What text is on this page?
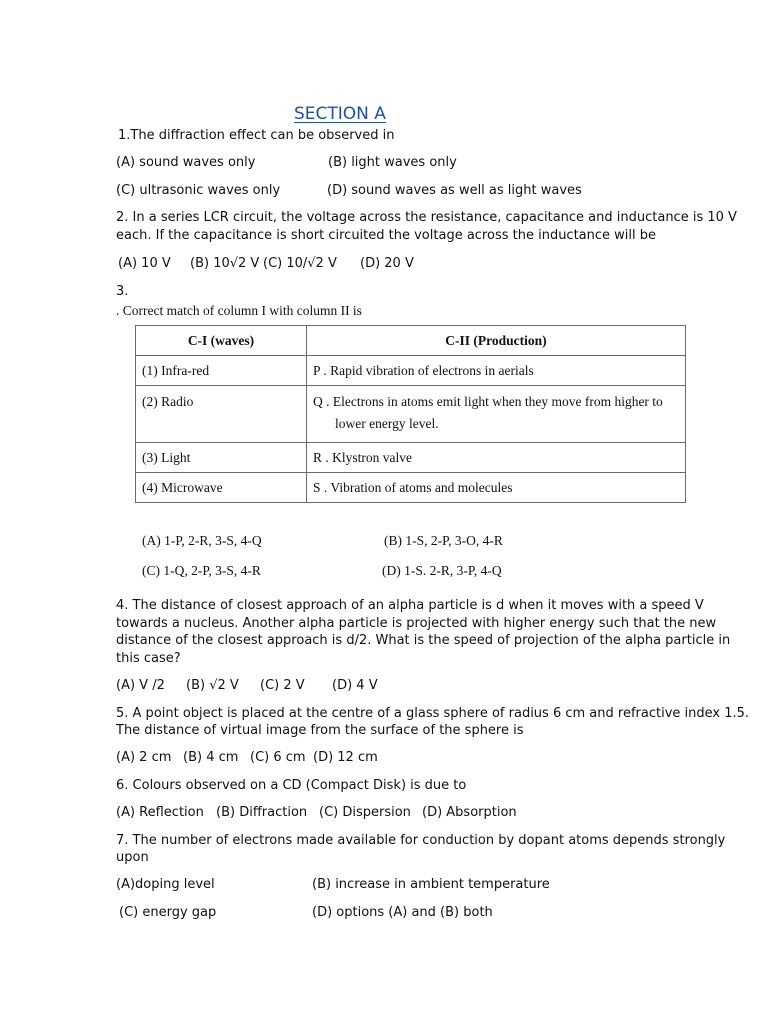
SECTION A
1.The diffraction effect can be observed in
(A) sound waves only	(B) light waves only
(C) ultrasonic waves only	(D) sound waves as well as light waves
2. In a series LCR circuit, the voltage across the resistance, capacitance and inductance is 10 V
each. If the capacitance is short circuited the voltage across the inductance will be
(A) 10 V (B) 10√2 V (C) 10/√2 V (D) 20 V
3.
. Correct match of column I with column II is
C-I (waves)	C-II (Production)
(1) Infra-red	P . Rapid vibration of electrons in aerials
(2) Radio	Q . Electrons in atoms emit light when they move from higher to
lower energy level.

(3) Light	R . Klystron valve
(4) Microwave	S . Vibration of atoms and molecules
(A) 1-P, 2-R, 3-S, 4-Q	(B) 1-S, 2-P, 3-O, 4-R
(C) 1-Q, 2-P, 3-S, 4-R	(D) 1-S. 2-R, 3-P, 4-Q
4. The distance of closest approach of an alpha particle is d when it moves with a speed V
towards a nucleus. Another alpha particle is projected with higher energy such that the new
distance of the closest approach is d/2. What is the speed of projection of the alpha particle in
this case?
(A) V /2 (B) √2 V (C) 2 V (D) 4 V
5. A point object is placed at the centre of a glass sphere of radius 6 cm and refractive index 1.5.
The distance of virtual image from the surface of the sphere is
(A) 2 cm (B) 4 cm (C) 6 cm (D) 12 cm
6. Colours observed on a CD (Compact Disk) is due to
(A) Reflection (B) Diffraction (C) Dispersion (D) Absorption
7. The number of electrons made available for conduction by dopant atoms depends strongly
upon
(A)doping level	(B) increase in ambient temperature
(C) energy gap	(D) options (A) and (B) both
